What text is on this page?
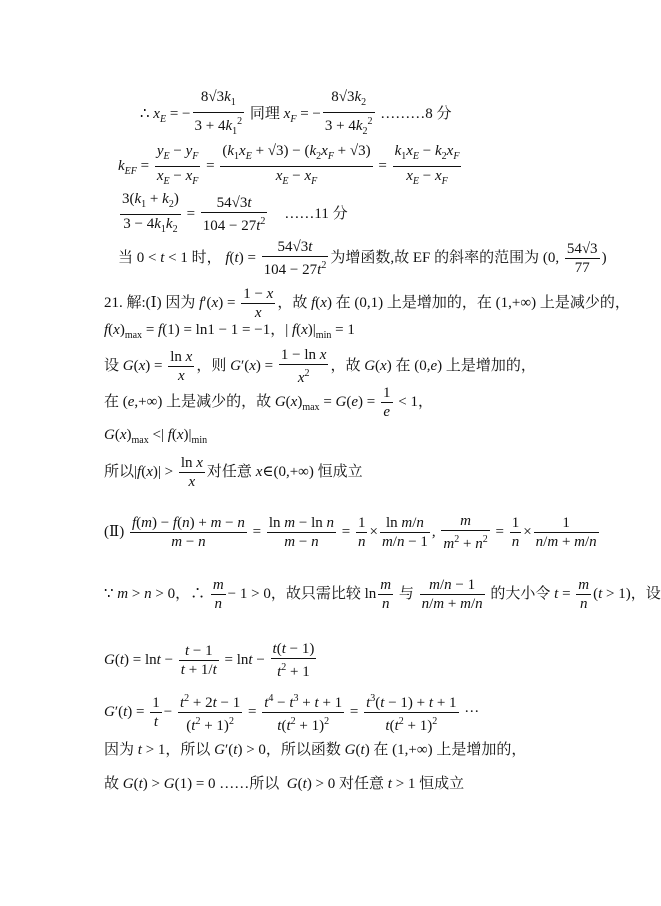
∴ $x_E$ = − $\frac{8√3k_1}{3 + 4k_1^2}$ 同理 $x_F$ = − $\frac{8√3k_2}{3 + 4k_2^2}$ ………8 分
$k_{EF} = \frac{y_E - y_F}{x_E - x_F} = \frac{(k_1x_E + √3) - (k_2x_F + √3)}{x_E - x_F} = \frac{k_1x_E - k_2x_F}{x_E - x_F}$
$\frac{3(k_1 + k_2)}{3 - 4k_1k_2} = \frac{54√3t}{104 - 27t^2}$ ……11 分
当 0 < t < 1 时， $f(t) = \frac{54√3t}{104 - 27t^2}$ 为增函数,故 EF 的斜率的范围为 (0, $\frac{54√3}{77}$ )
21. 解:(Ⅰ) 因为 $f'(x) = \frac{1 - x}{x}$ ，故 f(x) 在 (0,1) 上是增加的，在 (1,+∞) 上是减少的，
$f(x)_{max} = f(1) = \ln 1 - 1 = -1$，| $f(x)|_{min} = 1$
设 $G(x) = \frac{\text{ln x}}{x}$ ，则 $G'(x) = \frac{\text{1 − ln x}}{x^2}$ ，故 G(x) 在 (0,e) 上是增加的，
在 (e,+∞) 上是减少的，故 $G(x)_{max} = G(e) = \frac{1}{e} < 1$，
$G(x)_{max}$ <| $f(x)|_{min}$
所以$|f(x)| > \frac{\text{ln x}}{x}$ 对任意 x∈(0,+∞) 恒成立
(Ⅱ) $\frac{f(m) - f(n) + m - n}{m - n} = \frac{\text{ln m − ln n}}{m - n} = \frac{1}{n} \times \frac{\text{ln m/n}}{m/n - 1}$ , $\frac{m}{m^2 + n^2} = \frac{1}{n} \times \frac{1}{n/m + m/n}$
∵ m > n > 0，∴ $\frac{m}{n} - 1 > 0$，故只需比较 $\ln \frac{m}{n}$ 与 $\frac{m/n - 1}{n/m + m/n}$ 的大小令 $t = \frac{m}{n} (t > 1)$，设
$G(t) = \ln t - \frac{t - 1}{t + 1/t} = \ln t - \frac{t(t - 1)}{t^2 + 1}$
$G'(t) = \frac{1}{t} - \frac{t^2 + 2t - 1}{(t^2 + 1)^2} = \frac{t^4 - t^3 + t + 1}{t(t^2 + 1)^2} = \frac{t^3(t - 1) + t + 1}{t(t^2 + 1)^2}$ ···
因为 t > 1，所以 G′(t) > 0，所以函数 G(t) 在 (1,+∞) 上是增加的，
故 G(t) > G(1) = 0 ……所以  G(t) > 0 对任意 t > 1 恒成立
